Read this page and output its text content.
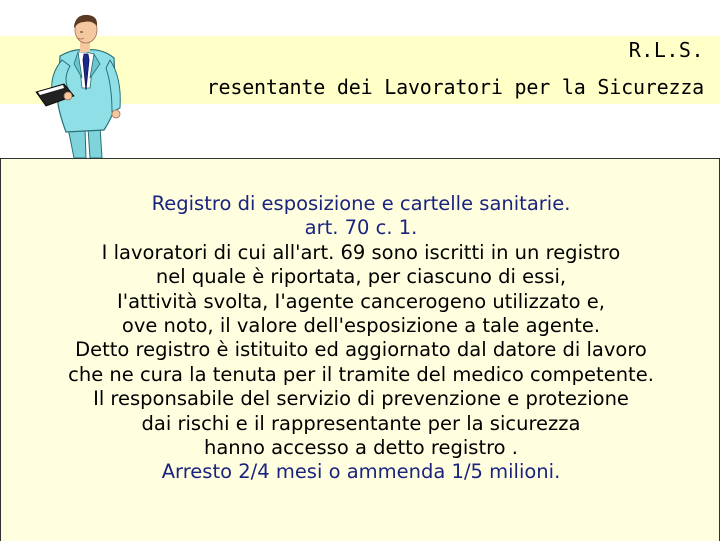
R.L.S.
resentante dei Lavoratori per la Sicurezza
Registro di esposizione e cartelle sanitarie.
art. 70 c. 1.
I lavoratori di cui all'art. 69 sono iscritti in un registro
nel quale è riportata, per ciascuno di essi,
I'attività svolta, I'agente cancerogeno utilizzato e,
ove noto, il valore dell'esposizione a tale agente.
Detto registro è istituito ed aggiornato dal datore di lavoro
che ne cura la tenuta per il tramite del medico competente.
Il responsabile del servizio di prevenzione e protezione
dai rischi e il rappresentante per la sicurezza
hanno accesso a detto registro .
Arresto 2/4 mesi o ammenda 1/5 milioni.
